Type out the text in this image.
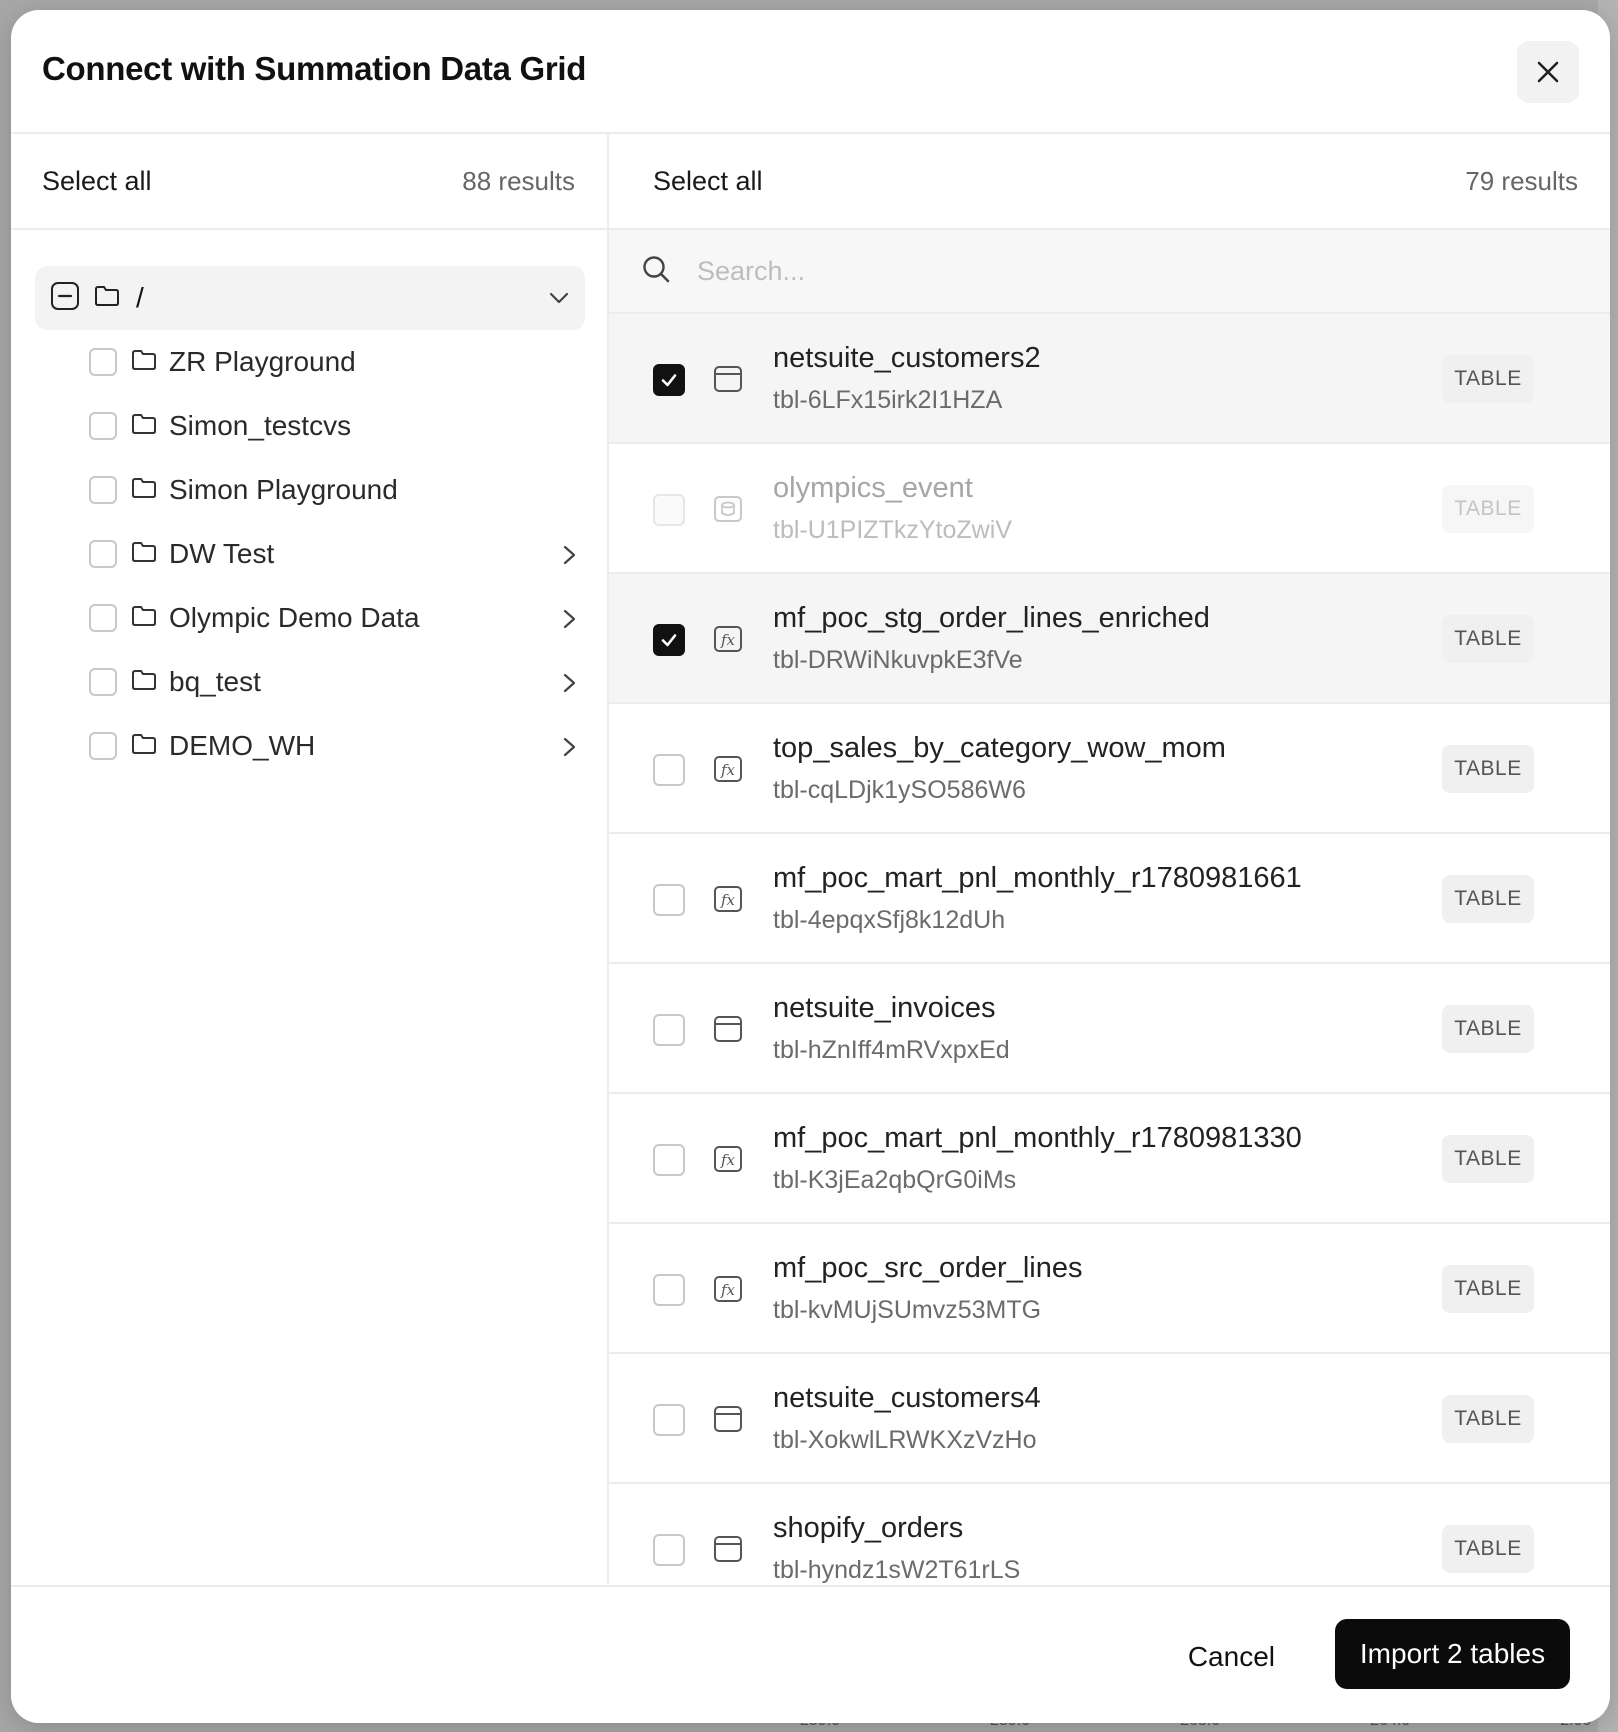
Connect with Summation Data Grid
Select all	88 results
/
ZR Playground
Simon_testcvs
Simon Playground
DW Test
Olympic Demo Data
bq_test
DEMO_WH
Select all	79 results
Search...
netsuite_customers2
tbl-6LFx15irk2I1HZA
TABLE
olympics_event
tbl-U1PIZTkzYtoZwiV
TABLE
fx
mf_poc_stg_order_lines_enriched
tbl-DRWiNkuvpkE3fVe
TABLE
fx
top_sales_by_category_wow_mom
tbl-cqLDjk1ySO586W6
TABLE
fx
mf_poc_mart_pnl_monthly_r1780981661
tbl-4epqxSfj8k12dUh
TABLE
netsuite_invoices
tbl-hZnIff4mRVxpxEd
TABLE
fx
mf_poc_mart_pnl_monthly_r1780981330
tbl-K3jEa2qbQrG0iMs
TABLE
fx
mf_poc_src_order_lines
tbl-kvMUjSUmvz53MTG
TABLE
netsuite_customers4
tbl-XokwlLRWKXzVzHo
TABLE
shopify_orders
tbl-hyndz1sW2T61rLS
TABLE
Cancel	Import 2 tables
